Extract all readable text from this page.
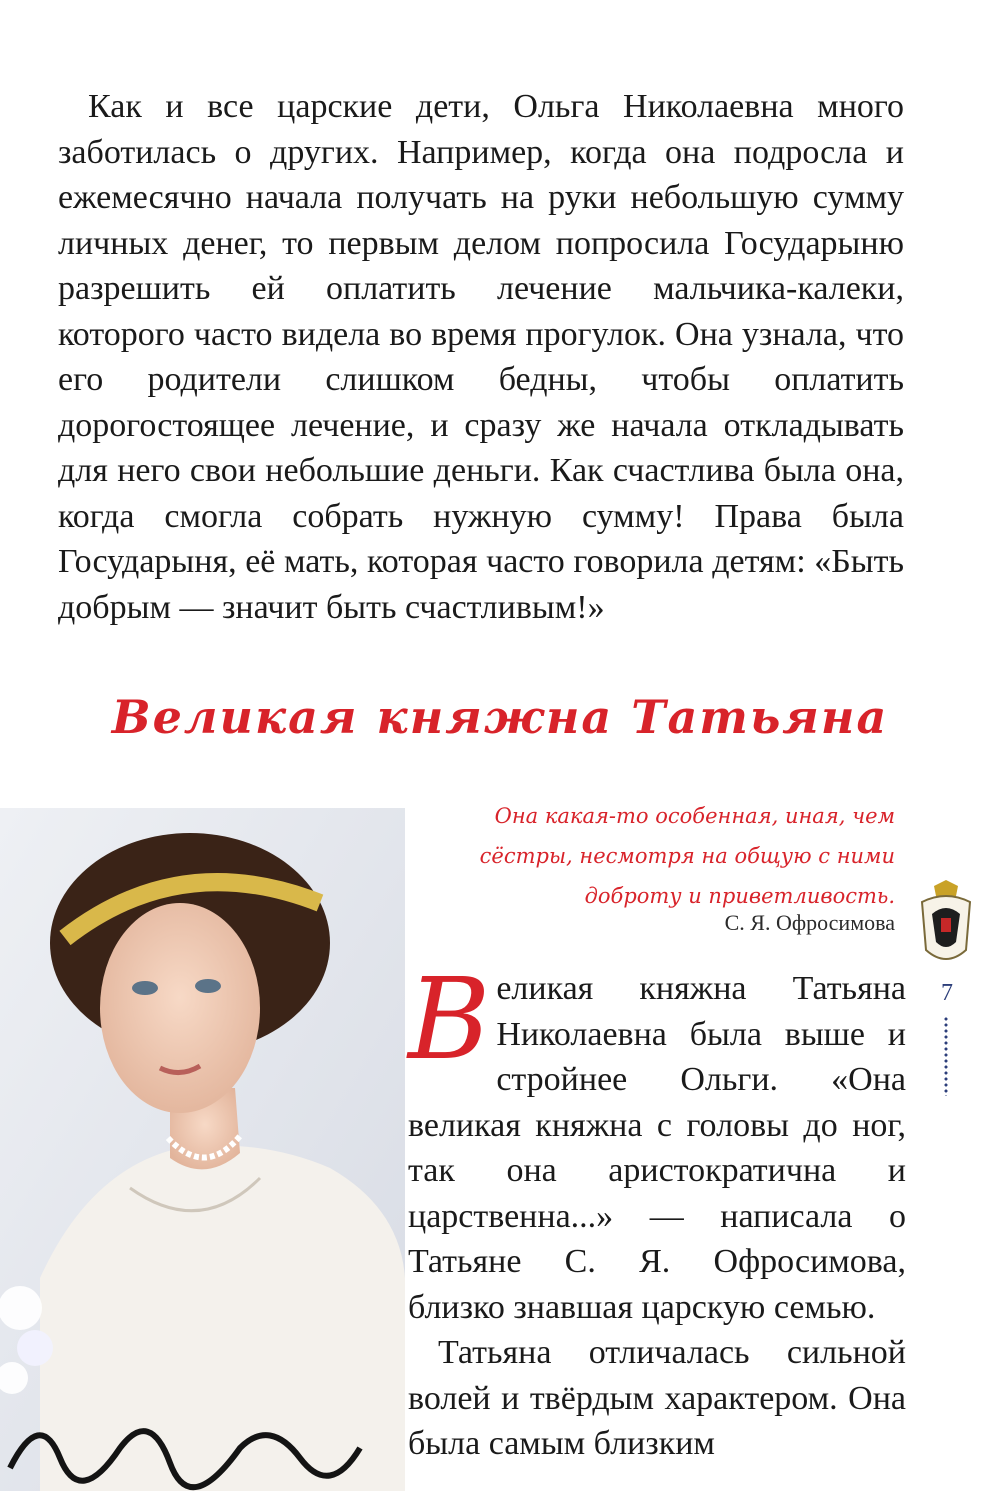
Как и все царские дети, Ольга Николаевна много заботилась о других. Например, когда она подросла и ежемесячно начала получать на руки небольшую сумму личных денег, то первым делом попросила Государыню разрешить ей оплатить лечение мальчика-калеки, которого часто видела во время прогулок. Она узнала, что его родители слишком бедны, чтобы оплатить дорогостоящее лечение, и сразу же начала откладывать для него свои небольшие деньги. Как счастлива была она, когда смогла собрать нужную сумму! Права была Государыня, её мать, которая часто говорила детям: «Быть добрым — значит быть счастливым!»

Великая княжна Татьяна

Она какая-то особенная, иная, чем сёстры, несмотря на общую с ними доброту и приветливость.

С. Я. Офросимова

7
В еликая княжна Татьяна Николаевна была выше и стройнее Ольги. «Она великая княжна с головы до ног, так она аристократична и царственна...» — написала о Татьяне С. Я. Офросимова, близко знавшая царскую семью.

Татьяна отличалась сильной волей и твёрдым характером. Она была самым близким
